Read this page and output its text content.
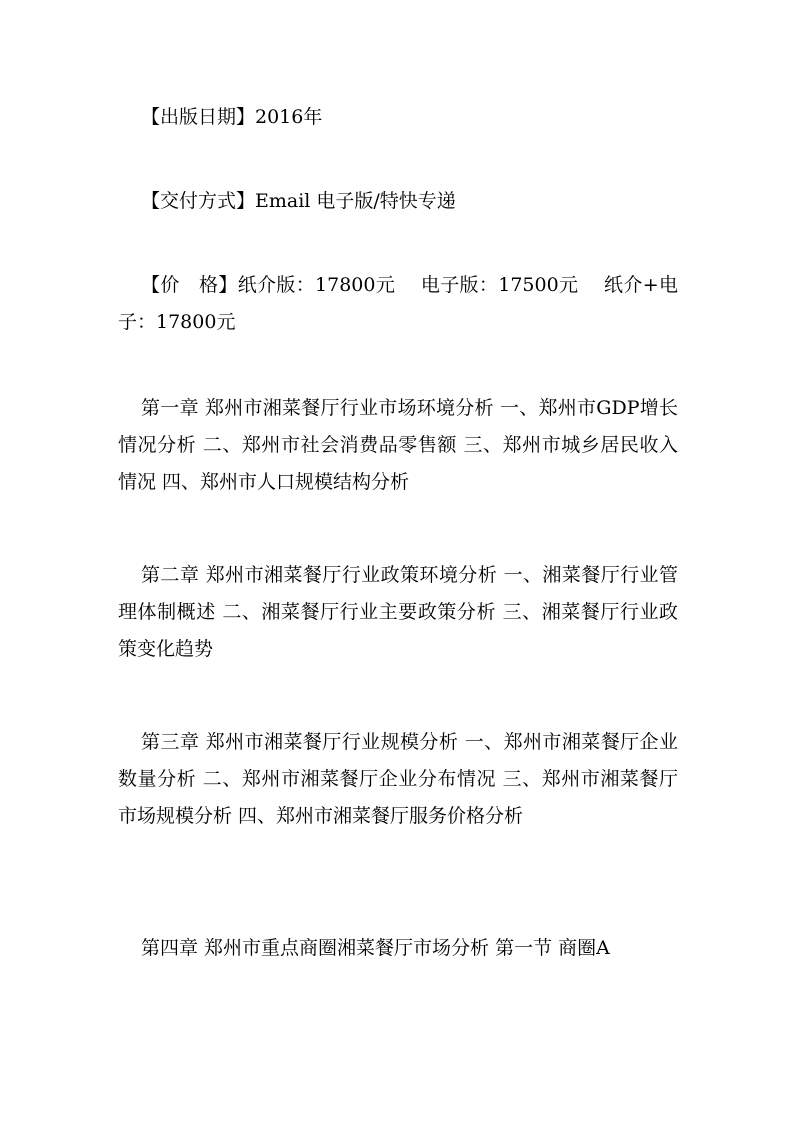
【出版日期】2016年

【交付方式】Email 电子版/特快专递

【价　格】纸介版：17800元　 电子版：17500元　 纸介+电子：17800元

第一章 郑州市湘菜餐厅行业市场环境分析 一、郑州市GDP增长情况分析 二、郑州市社会消费品零售额 三、郑州市城乡居民收入情况 四、郑州市人口规模结构分析

第二章 郑州市湘菜餐厅行业政策环境分析 一、湘菜餐厅行业管理体制概述 二、湘菜餐厅行业主要政策分析 三、湘菜餐厅行业政策变化趋势

第三章 郑州市湘菜餐厅行业规模分析 一、郑州市湘菜餐厅企业数量分析 二、郑州市湘菜餐厅企业分布情况 三、郑州市湘菜餐厅市场规模分析 四、郑州市湘菜餐厅服务价格分析

第四章 郑州市重点商圈湘菜餐厅市场分析 第一节 商圈A
